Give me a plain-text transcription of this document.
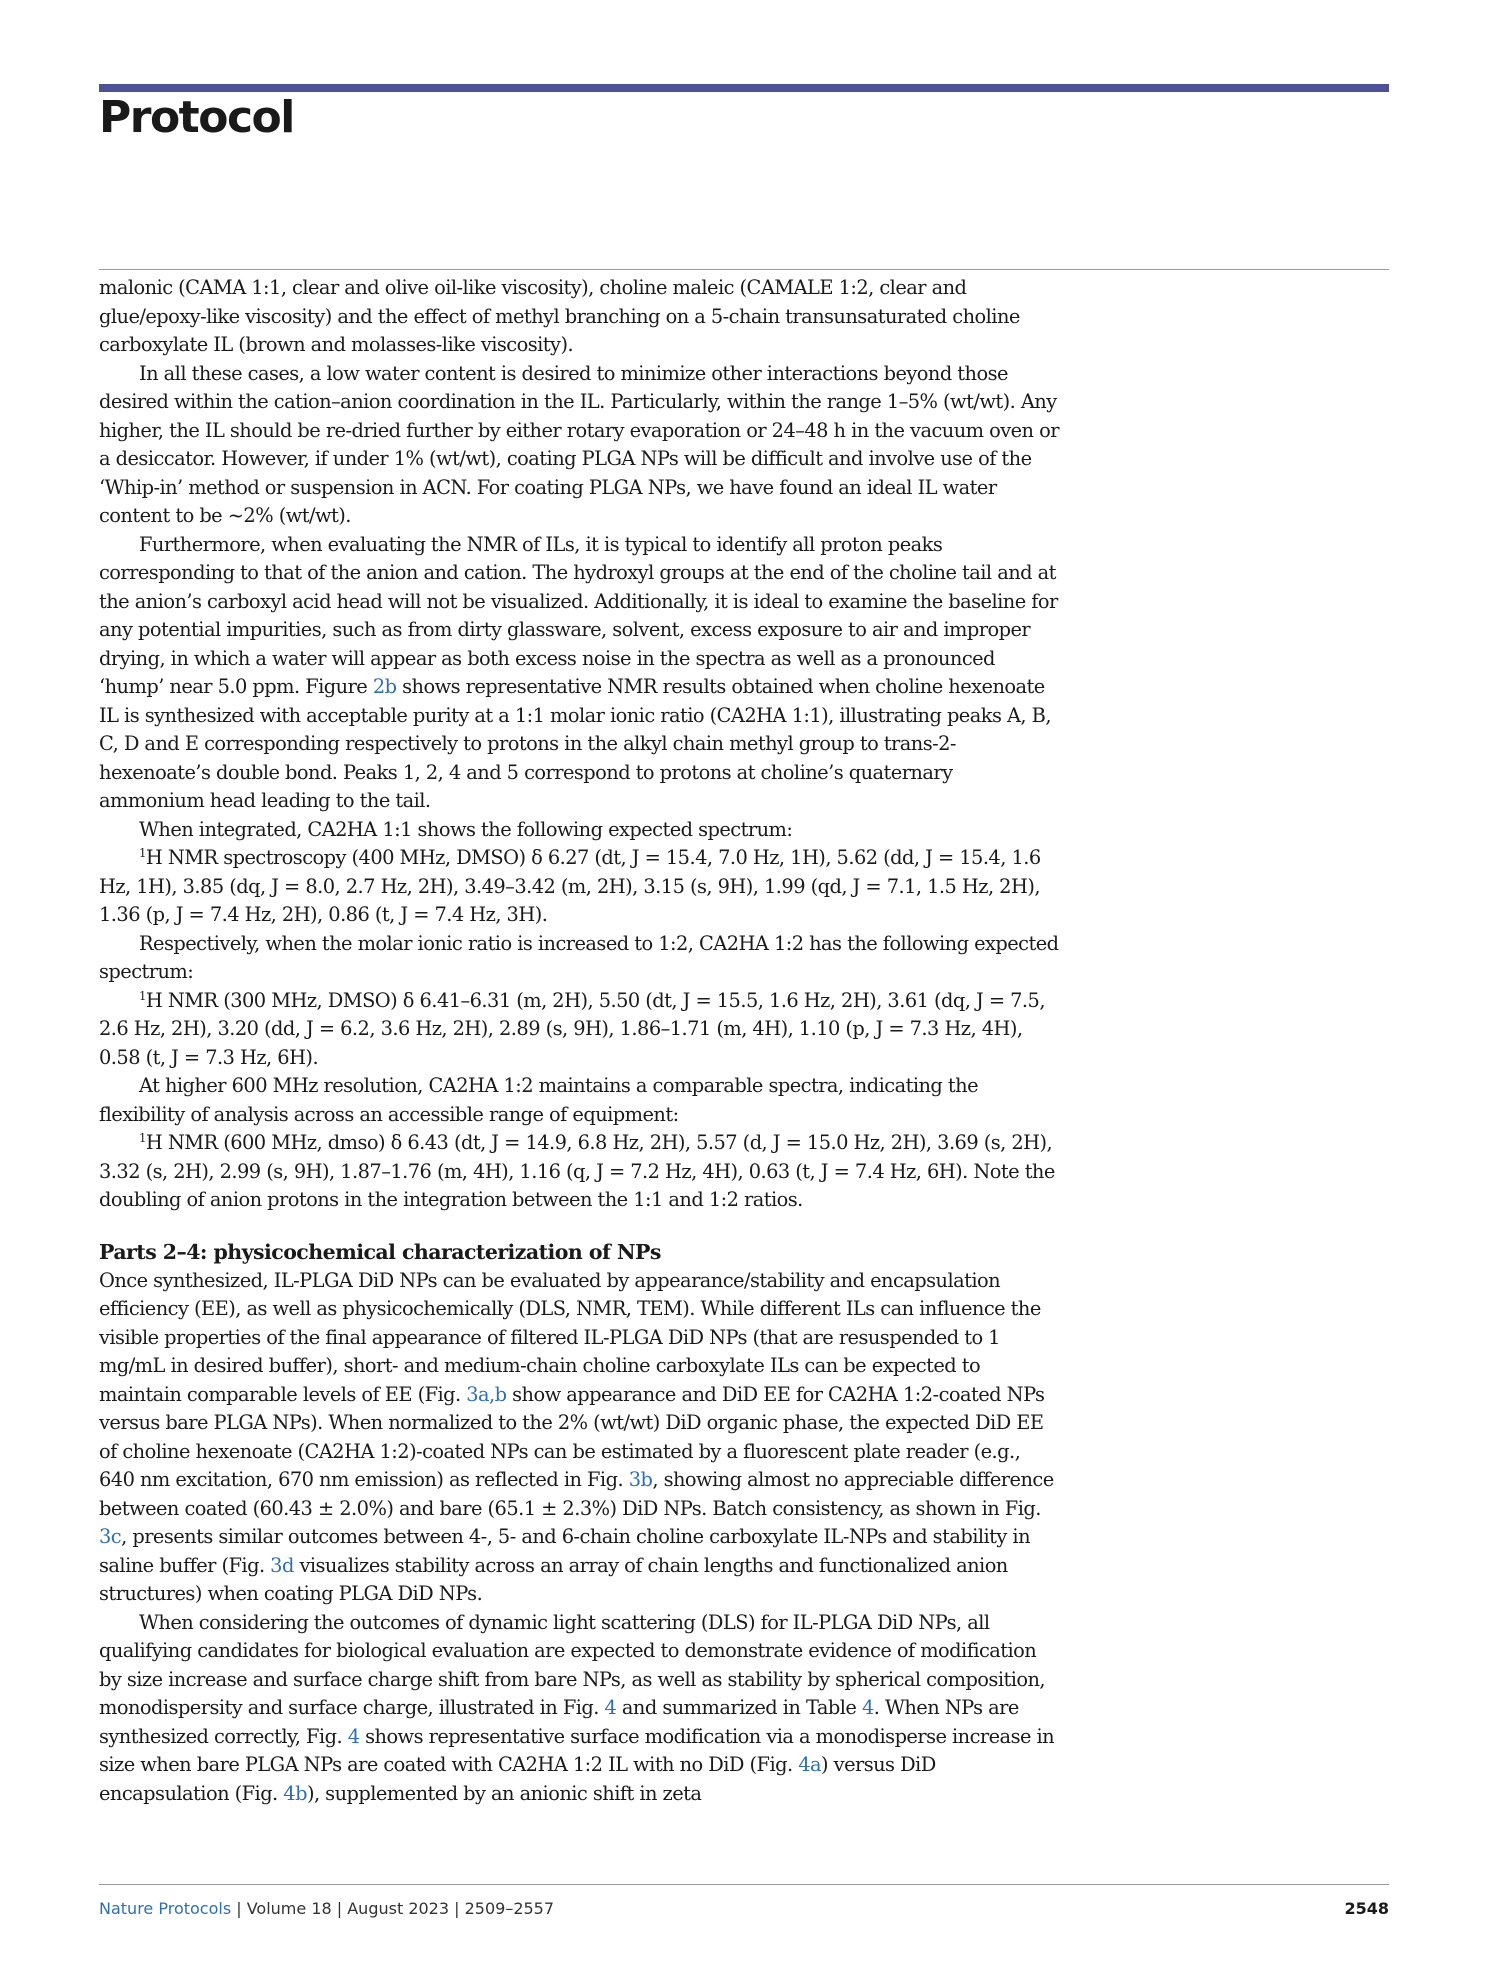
Protocol

malonic (CAMA 1:1, clear and olive oil-like viscosity), choline maleic (CAMALE 1:2, clear and glue/epoxy-like viscosity) and the effect of methyl branching on a 5-chain transunsaturated choline carboxylate IL (brown and molasses-like viscosity).

In all these cases, a low water content is desired to minimize other interactions beyond those desired within the cation–anion coordination in the IL. Particularly, within the range 1–5% (wt/wt). Any higher, the IL should be re-dried further by either rotary evaporation or 24–48 h in the vacuum oven or a desiccator. However, if under 1% (wt/wt), coating PLGA NPs will be difficult and involve use of the ‘Whip-in’ method or suspension in ACN. For coating PLGA NPs, we have found an ideal IL water content to be ~2% (wt/wt).

Furthermore, when evaluating the NMR of ILs, it is typical to identify all proton peaks corresponding to that of the anion and cation. The hydroxyl groups at the end of the choline tail and at the anion’s carboxyl acid head will not be visualized. Additionally, it is ideal to examine the baseline for any potential impurities, such as from dirty glassware, solvent, excess exposure to air and improper drying, in which a water will appear as both excess noise in the spectra as well as a pronounced ‘hump’ near 5.0 ppm. Figure 2b shows representative NMR results obtained when choline hexenoate IL is synthesized with acceptable purity at a 1:1 molar ionic ratio (CA2HA 1:1), illustrating peaks A, B, C, D and E corresponding respectively to protons in the alkyl chain methyl group to trans-2-hexenoate’s double bond. Peaks 1, 2, 4 and 5 correspond to protons at choline’s quaternary ammonium head leading to the tail.

When integrated, CA2HA 1:1 shows the following expected spectrum:

$^1$H NMR spectroscopy (400 MHz, DMSO) δ 6.27 (dt, J = 15.4, 7.0 Hz, 1H), 5.62 (dd, J = 15.4, 1.6 Hz, 1H), 3.85 (dq, J = 8.0, 2.7 Hz, 2H), 3.49–3.42 (m, 2H), 3.15 (s, 9H), 1.99 (qd, J = 7.1, 1.5 Hz, 2H), 1.36 (p, J = 7.4 Hz, 2H), 0.86 (t, J = 7.4 Hz, 3H).

Respectively, when the molar ionic ratio is increased to 1:2, CA2HA 1:2 has the following expected spectrum:

$^1$H NMR (300 MHz, DMSO) δ 6.41–6.31 (m, 2H), 5.50 (dt, J = 15.5, 1.6 Hz, 2H), 3.61 (dq, J = 7.5, 2.6 Hz, 2H), 3.20 (dd, J = 6.2, 3.6 Hz, 2H), 2.89 (s, 9H), 1.86–1.71 (m, 4H), 1.10 (p, J = 7.3 Hz, 4H), 0.58 (t, J = 7.3 Hz, 6H).

At higher 600 MHz resolution, CA2HA 1:2 maintains a comparable spectra, indicating the flexibility of analysis across an accessible range of equipment:

$^1$H NMR (600 MHz, dmso) δ 6.43 (dt, J = 14.9, 6.8 Hz, 2H), 5.57 (d, J = 15.0 Hz, 2H), 3.69 (s, 2H), 3.32 (s, 2H), 2.99 (s, 9H), 1.87–1.76 (m, 4H), 1.16 (q, J = 7.2 Hz, 4H), 0.63 (t, J = 7.4 Hz, 6H). Note the doubling of anion protons in the integration between the 1:1 and 1:2 ratios.

Parts 2–4: physicochemical characterization of NPs

Once synthesized, IL-PLGA DiD NPs can be evaluated by appearance/stability and encapsulation efficiency (EE), as well as physicochemically (DLS, NMR, TEM). While different ILs can influence the visible properties of the final appearance of filtered IL-PLGA DiD NPs (that are resuspended to 1 mg/mL in desired buffer), short- and medium-chain choline carboxylate ILs can be expected to maintain comparable levels of EE (Fig. 3a,b show appearance and DiD EE for CA2HA 1:2-coated NPs versus bare PLGA NPs). When normalized to the 2% (wt/wt) DiD organic phase, the expected DiD EE of choline hexenoate (CA2HA 1:2)-coated NPs can be estimated by a fluorescent plate reader (e.g., 640 nm excitation, 670 nm emission) as reflected in Fig. 3b, showing almost no appreciable difference between coated (60.43 ± 2.0%) and bare (65.1 ± 2.3%) DiD NPs. Batch consistency, as shown in Fig. 3c, presents similar outcomes between 4-, 5- and 6-chain choline carboxylate IL-NPs and stability in saline buffer (Fig. 3d visualizes stability across an array of chain lengths and functionalized anion structures) when coating PLGA DiD NPs.

When considering the outcomes of dynamic light scattering (DLS) for IL-PLGA DiD NPs, all qualifying candidates for biological evaluation are expected to demonstrate evidence of modification by size increase and surface charge shift from bare NPs, as well as stability by spherical composition, monodispersity and surface charge, illustrated in Fig. 4 and summarized in Table 4. When NPs are synthesized correctly, Fig. 4 shows representative surface modification via a monodisperse increase in size when bare PLGA NPs are coated with CA2HA 1:2 IL with no DiD (Fig. 4a) versus DiD encapsulation (Fig. 4b), supplemented by an anionic shift in zeta

Nature Protocols | Volume 18 | August 2023 | 2509–2557	2548
